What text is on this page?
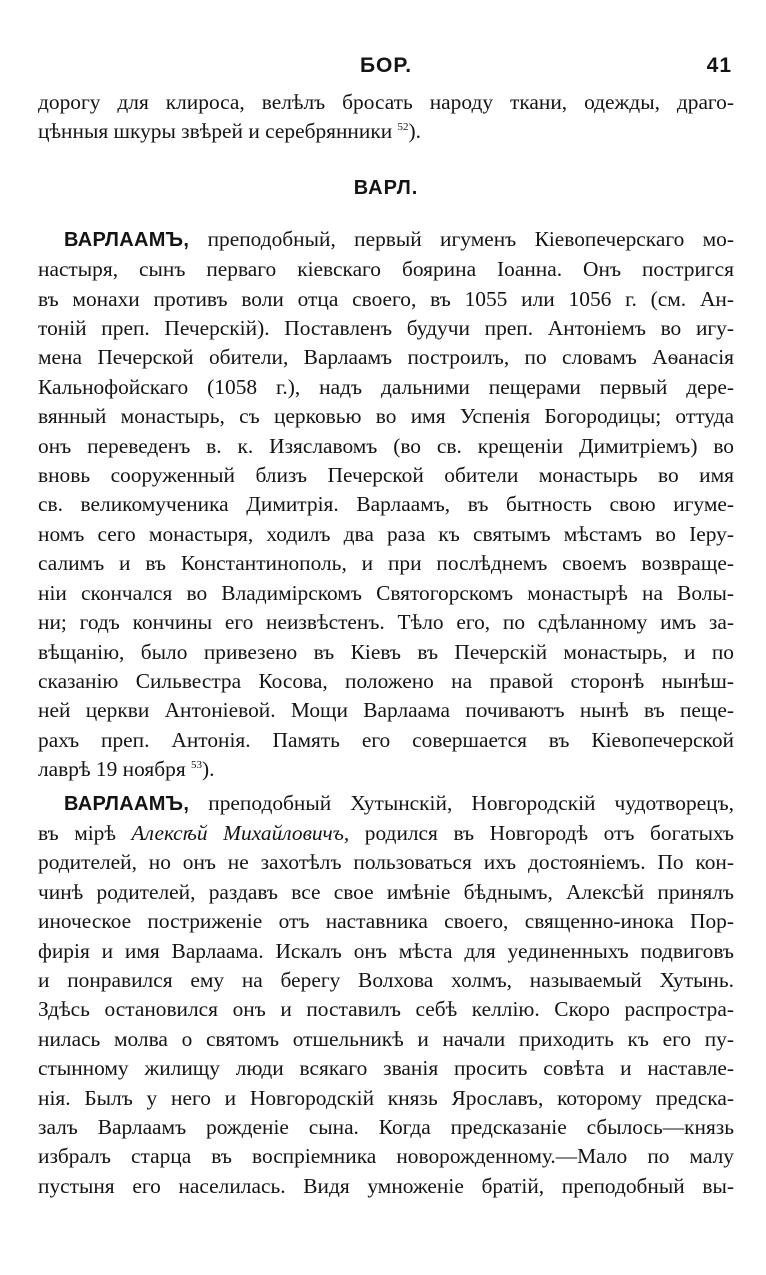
БОР.	41

дорогу для клироса, велѣлъ бросать народу ткани, одежды, драго-
цѣнныя шкуры звѣрей и серебрянники $^{52}$).

ВАРЛ.

ВАРЛААМЪ, преподобный, первый игуменъ Кіевопечерскаго мо-
настыря, сынъ перваго кіевскаго боярина Іоанна. Онъ постригся
въ монахи противъ воли отца своего, въ 1055 или 1056 г. (см. Ан-
тоній преп. Печерскій). Поставленъ будучи преп. Антоніемъ во игу-
мена Печерской обители, Варлаамъ построилъ, по словамъ Аѳанасія
Кальнофойскаго (1058 г.), надъ дальними пещерами первый дере-
вянный монастырь, съ церковью во имя Успенія Богородицы; оттуда
онъ переведенъ в. к. Изяславомъ (во св. крещеніи Димитріемъ) во
вновь сооруженный близъ Печерской обители монастырь во имя
св. великомученика Димитрія. Варлаамъ, въ бытность свою игуме-
номъ сего монастыря, ходилъ два раза къ святымъ мѣстамъ во Іеру-
салимъ и въ Константинополь, и при послѣднемъ своемъ возвраще-
ніи скончался во Владимірскомъ Святогорскомъ монастырѣ на Волы-
ни; годъ кончины его неизвѣстенъ. Тѣло его, по сдѣланному имъ за-
вѣщанію, было привезено въ Кіевъ въ Печерскій монастырь, и по
сказанію Сильвестра Косова, положено на правой сторонѣ нынѣш-
ней церкви Антоніевой. Мощи Варлаама почиваютъ нынѣ въ пеще-
рахъ преп. Антонія. Память его совершается въ Кіевопечерской
лаврѣ 19 ноября $^{53}$).

ВАРЛААМЪ, преподобный Хутынскій, Новгородскій чудотворецъ,
въ мірѣ Алексѣй Михайловичъ, родился въ Новгородѣ отъ богатыхъ
родителей, но онъ не захотѣлъ пользоваться ихъ достояніемъ. По кон-
чинѣ родителей, раздавъ все свое имѣніе бѣднымъ, Алексѣй принялъ
иноческое постриженіе отъ наставника своего, священно-инока Пор-
фирія и имя Варлаама. Искалъ онъ мѣста для уединенныхъ подвиговъ
и понравился ему на берегу Волхова холмъ, называемый Хутынь.
Здѣсь остановился онъ и поставилъ себѣ келлію. Скоро распростра-
нилась молва о святомъ отшельникѣ и начали приходить къ его пу-
стынному жилищу люди всякаго званія просить совѣта и наставле-
нія. Былъ у него и Новгородскій князь Ярославъ, которому предска-
залъ Варлаамъ рожденіе сына. Когда предсказаніе сбылось—князь
избралъ старца въ воспріемника новорожденному.—Мало по малу
пустыня его населилась. Видя умноженіе братій, преподобный вы-
